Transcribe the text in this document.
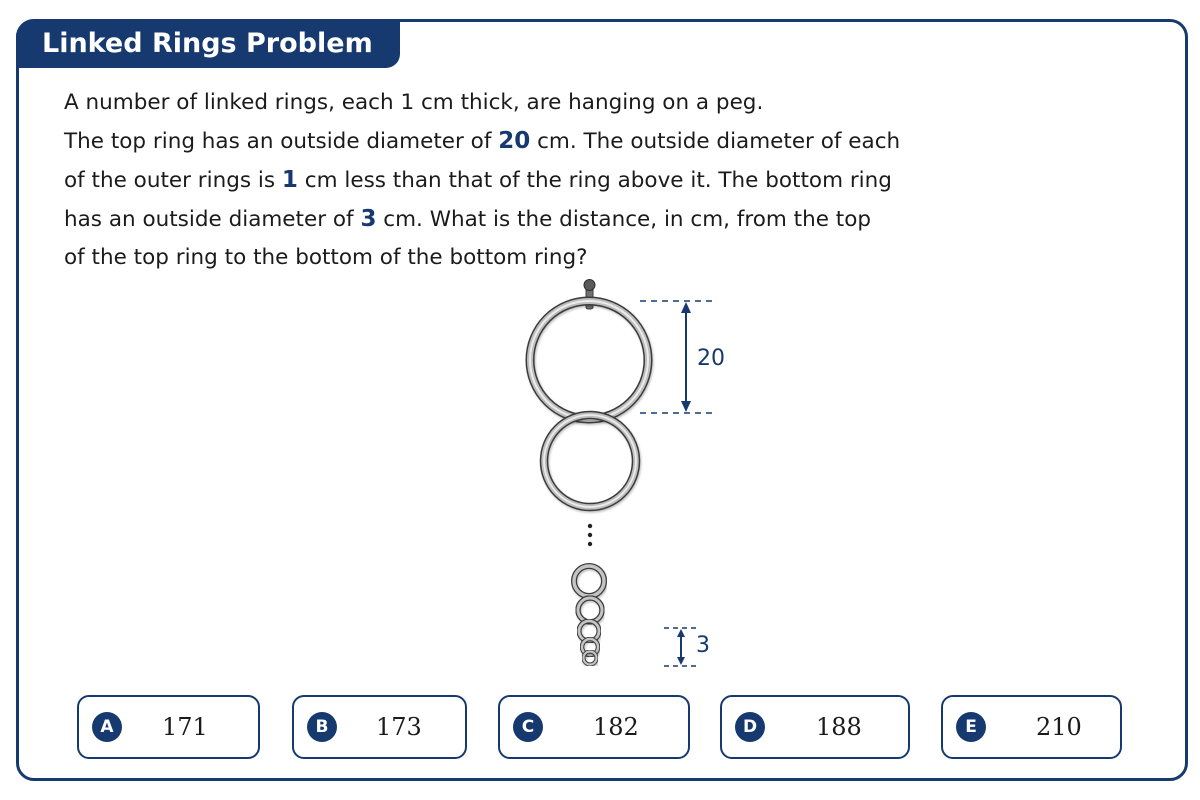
Linked Rings Problem
A number of linked rings, each 1 cm thick, are hanging on a peg.
The top ring has an outside diameter of 20 cm. The outside diameter of each
of the outer rings is 1 cm less than that of the ring above it. The bottom ring
has an outside diameter of 3 cm. What is the distance, in cm, from the top
of the top ring to the bottom of the bottom ring?
20
3
A	171	B	173	C	182	D	188	E	210
